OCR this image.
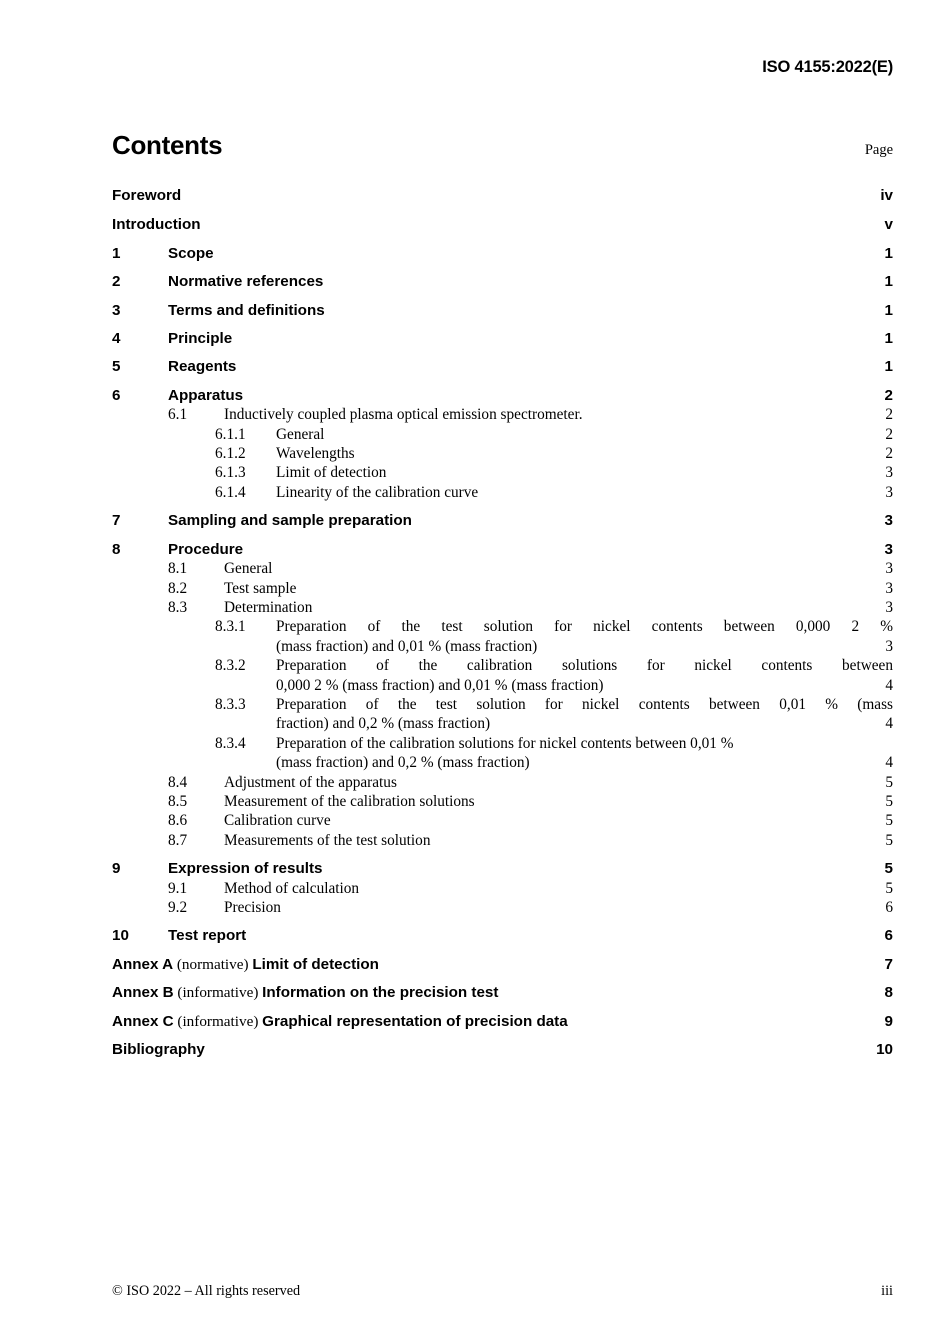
ISO 4155:2022(E)
Contents	Page
Foreword	iv
Introduction	v
1	Scope	1
2	Normative references	1
3	Terms and definitions	1
4	Principle	1
5	Reagents	1
6	Apparatus	2
6.1	Inductively coupled plasma optical emission spectrometer.	2
6.1.1	General	2
6.1.2	Wavelengths	2
6.1.3	Limit of detection	3
6.1.4	Linearity of the calibration curve	3
7	Sampling and sample preparation	3
8	Procedure	3
8.1	General	3
8.2	Test sample	3
8.3	Determination	3
8.3.1	Preparation of the test solution for nickel contents between 0,000 2 %
(mass fraction) and 0,01 % (mass fraction)	3
8.3.2	Preparation of the calibration solutions for nickel contents between
0,000 2 % (mass fraction) and 0,01 % (mass fraction)	4
8.3.3	Preparation of the test solution for nickel contents between 0,01 % (mass
fraction) and 0,2 % (mass fraction)	4
8.3.4	Preparation of the calibration solutions for nickel contents between 0,01 %
(mass fraction) and 0,2 % (mass fraction)	4
8.4	Adjustment of the apparatus	5
8.5	Measurement of the calibration solutions	5
8.6	Calibration curve	5
8.7	Measurements of the test solution	5
9	Expression of results	5
9.1	Method of calculation	5
9.2	Precision	6
10	Test report	6
Annex A (normative) Limit of detection	7
Annex B (informative) Information on the precision test	8
Annex C (informative) Graphical representation of precision data	9
Bibliography	10
© ISO 2022 – All rights reserved	iii
